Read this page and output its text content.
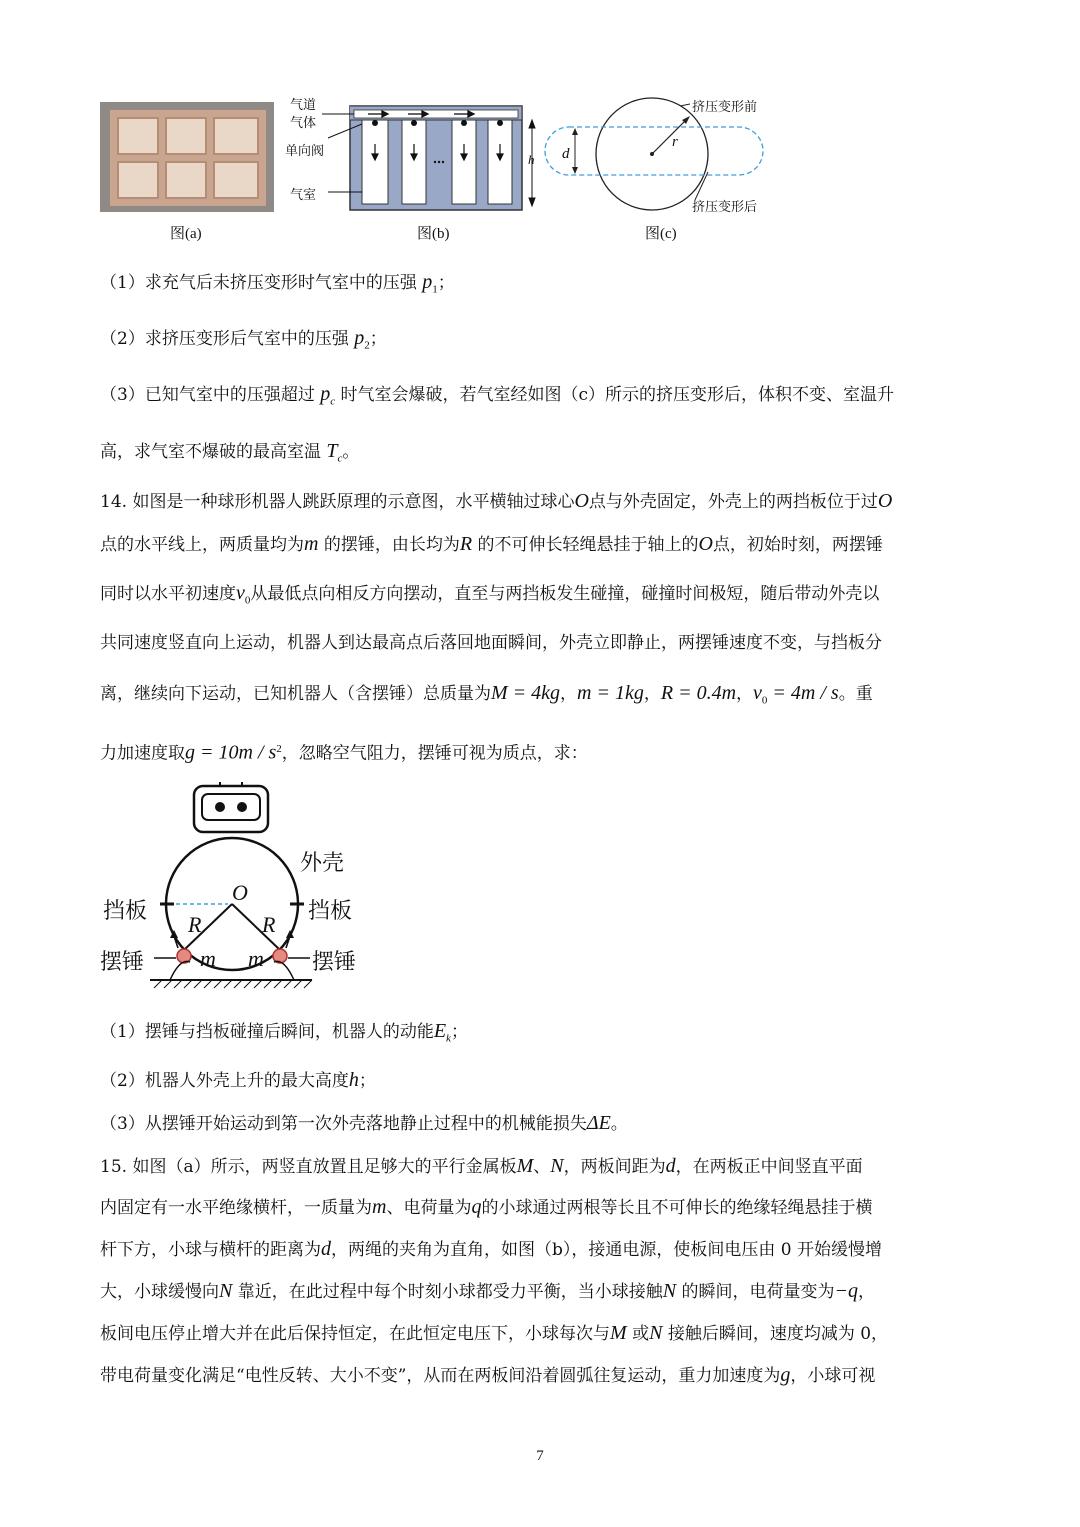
图(a)
气道
气体
单向阀
气室
h
图(b)
挤压变形前
挤压变形后
d
r
图(c)
（1）求充气后未挤压变形时气室中的压强 $p_1$；
（2）求挤压变形后气室中的压强 $p_2$；
（3）已知气室中的压强超过 $p_c$ 时气室会爆破，若气室经如图（c）所示的挤压变形后，体积不变、室温升
高，求气室不爆破的最高室温 $T_c$。
14. 如图是一种球形机器人跳跃原理的示意图，水平横轴过球心O点与外壳固定，外壳上的两挡板位于过O
点的水平线上，两质量均为m 的摆锤，由长均为R 的不可伸长轻绳悬挂于轴上的O点，初始时刻，两摆锤
同时以水平初速度$v_0$从最低点向相反方向摆动，直至与两挡板发生碰撞，碰撞时间极短，随后带动外壳以
共同速度竖直向上运动，机器人到达最高点后落回地面瞬间，外壳立即静止，两摆锤速度不变，与挡板分
离，继续向下运动，已知机器人（含摆锤）总质量为M = 4kg，m = 1kg，R = 0.4m，$v_0 = 4m / s$。重
力加速度取$g = 10m / s^2$，忽略空气阻力，摆锤可视为质点，求：
外壳
挡板	挡板
摆锤	摆锤
O
R	R
m m
（1）摆锤与挡板碰撞后瞬间，机器人的动能$E_k$；
（2）机器人外壳上升的最大高度h；
（3）从摆锤开始运动到第一次外壳落地静止过程中的机械能损失ΔE。
15. 如图（a）所示，两竖直放置且足够大的平行金属板M、N，两板间距为d，在两板正中间竖直平面
内固定有一水平绝缘横杆，一质量为m、电荷量为q的小球通过两根等长且不可伸长的绝缘轻绳悬挂于横
杆下方，小球与横杆的距离为d，两绳的夹角为直角，如图（b），接通电源，使板间电压由 0 开始缓慢增
大，小球缓慢向N 靠近，在此过程中每个时刻小球都受力平衡，当小球接触N 的瞬间，电荷量变为−q，
板间电压停止增大并在此后保持恒定，在此恒定电压下，小球每次与M 或N 接触后瞬间，速度均减为 0，
带电荷量变化满足“电性反转、大小不变”，从而在两板间沿着圆弧往复运动，重力加速度为g，小球可视
7
